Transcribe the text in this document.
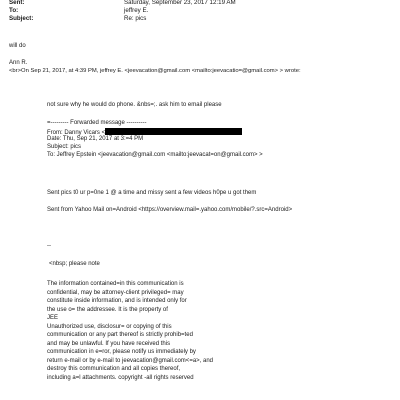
Sent:	Saturday, September 23, 2017 12:19 AM
To:	jeffrey E.
Subject:	Re: pics
will do
Ann R.
<br>On Sep 21, 2017, at 4:39 PM, jeffrey E. <jeevacation@gmail.com <mailto:jeevacatio=@gmail.com> > wrote:
not sure why he would do phone. &nbs=;. ask him to email please
=--------- Forwarded message ----------
From: Danny Vicars <
Date: Thu, Sep 21, 2017 at 3:=4 PM
Subject: pics
To: Jeffrey Epstein <jeevacation@gmail.com <mailto:jeevacat=on@gmail.com> >
Sent pics t0 ur p=0ne 1 @ a time and missy sent a few videos h0pe u got them
Sent from Yahoo Mail on=Android <https://overview.mail=.yahoo.com/mobile/?.src=Android>
--
<nbsp; please note
The information contained=in this communication is
confidential, may be attorney-client privileged= may
constitute inside information, and is intended only for
the use o= the addressee. It is the property of
JEE
Unauthorized use, disclosur= or copying of this
communication or any part thereof is strictly prohib=ted
and may be unlawful. If you have received this
communication in e=ror, please notify us immediately by
return e-mail or by e-mail to jeevacation@gmail.com<=a>, and
destroy this communication and all copies thereof,
including a=l attachments. copyright -all rights reserved
